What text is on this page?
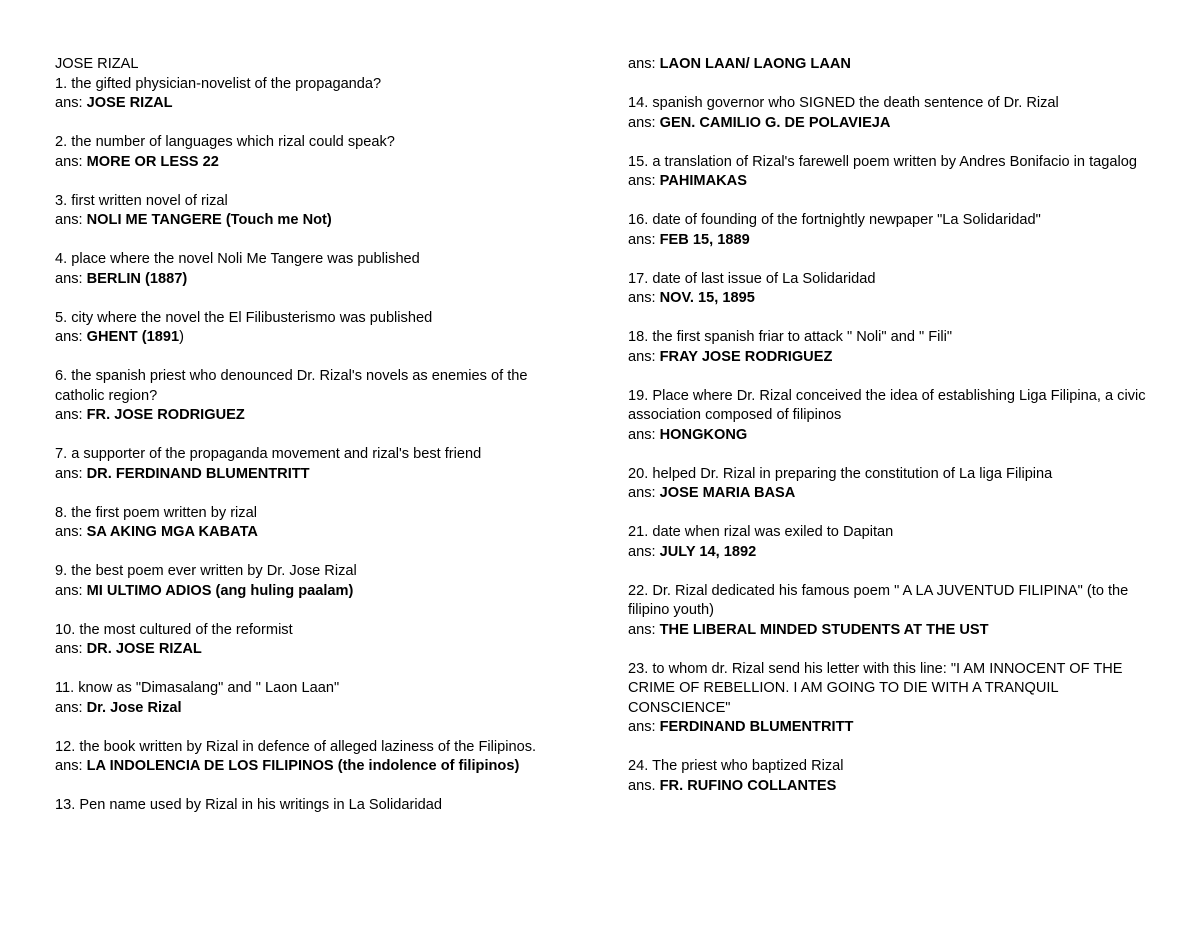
JOSE RIZAL
1. the gifted physician-novelist of the propaganda?
ans: JOSE RIZAL
2. the number of languages which rizal could speak?
ans: MORE OR LESS 22
3. first written novel of rizal
ans: NOLI ME TANGERE (Touch me Not)
4. place where the novel Noli Me Tangere was published
ans: BERLIN (1887)
5. city where the novel the El Filibusterismo was published
ans: GHENT (1891)
6. the spanish priest who denounced Dr. Rizal's novels as enemies of the catholic region?
ans: FR. JOSE RODRIGUEZ
7. a supporter of the propaganda movement and rizal's best friend
ans: DR. FERDINAND BLUMENTRITT
8. the first poem written by rizal
ans: SA AKING MGA KABATA
9. the best poem ever written by Dr. Jose Rizal
ans: MI ULTIMO ADIOS (ang huling paalam)
10. the most cultured of the reformist
ans: DR. JOSE RIZAL
11. know as "Dimasalang" and " Laon Laan"
ans: Dr. Jose Rizal
12. the book written by Rizal in defence of alleged laziness of the Filipinos.
ans: LA INDOLENCIA DE LOS FILIPINOS (the indolence of filipinos)
13. Pen name used by Rizal in his writings in La Solidaridad
ans: LAON LAAN/ LAONG LAAN
14. spanish governor who SIGNED the death sentence of Dr. Rizal
ans: GEN. CAMILIO G. DE POLAVIEJA
15. a translation of Rizal's farewell poem written by Andres Bonifacio in tagalog
ans: PAHIMAKAS
16. date of founding of the fortnightly newpaper "La Solidaridad"
ans: FEB 15, 1889
17. date of last issue of La Solidaridad
ans: NOV. 15, 1895
18. the first spanish friar to attack " Noli" and " Fili"
ans: FRAY JOSE RODRIGUEZ
19. Place where Dr. Rizal conceived the idea of establishing Liga Filipina, a civic association composed of filipinos
ans: HONGKONG
20. helped Dr. Rizal in preparing the constitution of La liga Filipina
ans: JOSE MARIA BASA
21. date when rizal was exiled to Dapitan
ans: JULY 14, 1892
22. Dr. Rizal dedicated his famous poem " A LA JUVENTUD FILIPINA" (to the filipino youth)
ans: THE LIBERAL MINDED STUDENTS AT THE UST
23. to whom dr. Rizal send his letter with this line: "I AM INNOCENT OF THE CRIME OF REBELLION. I AM GOING TO DIE WITH A TRANQUIL CONSCIENCE"
ans: FERDINAND BLUMENTRITT
24. The priest who baptized Rizal
ans. FR. RUFINO COLLANTES
